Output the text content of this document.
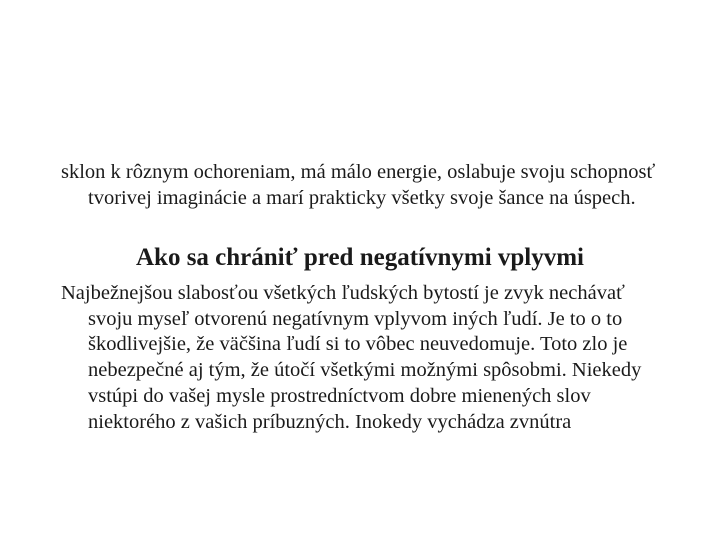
sklon k rôznym ochoreniam, má málo energie, oslabuje svoju schopnosť tvorivej imaginácie a marí prakticky všetky svoje šance na úspech.

Ako sa chrániť pred negatívnymi vplyvmi

Najbežnejšou slabosťou všetkých ľudských bytostí je zvyk nechávať svoju myseľ otvorenú negatívnym vplyvom iných ľudí. Je to o to škodlivejšie, že väčšina ľudí si to vôbec neuvedomuje. Toto zlo je nebezpečné aj tým, že útočí všetkými možnými spôsobmi. Niekedy vstúpi do vašej mysle prostredníctvom dobre mienených slov niektorého z vašich príbuzných. Inokedy vychádza zvnútra
